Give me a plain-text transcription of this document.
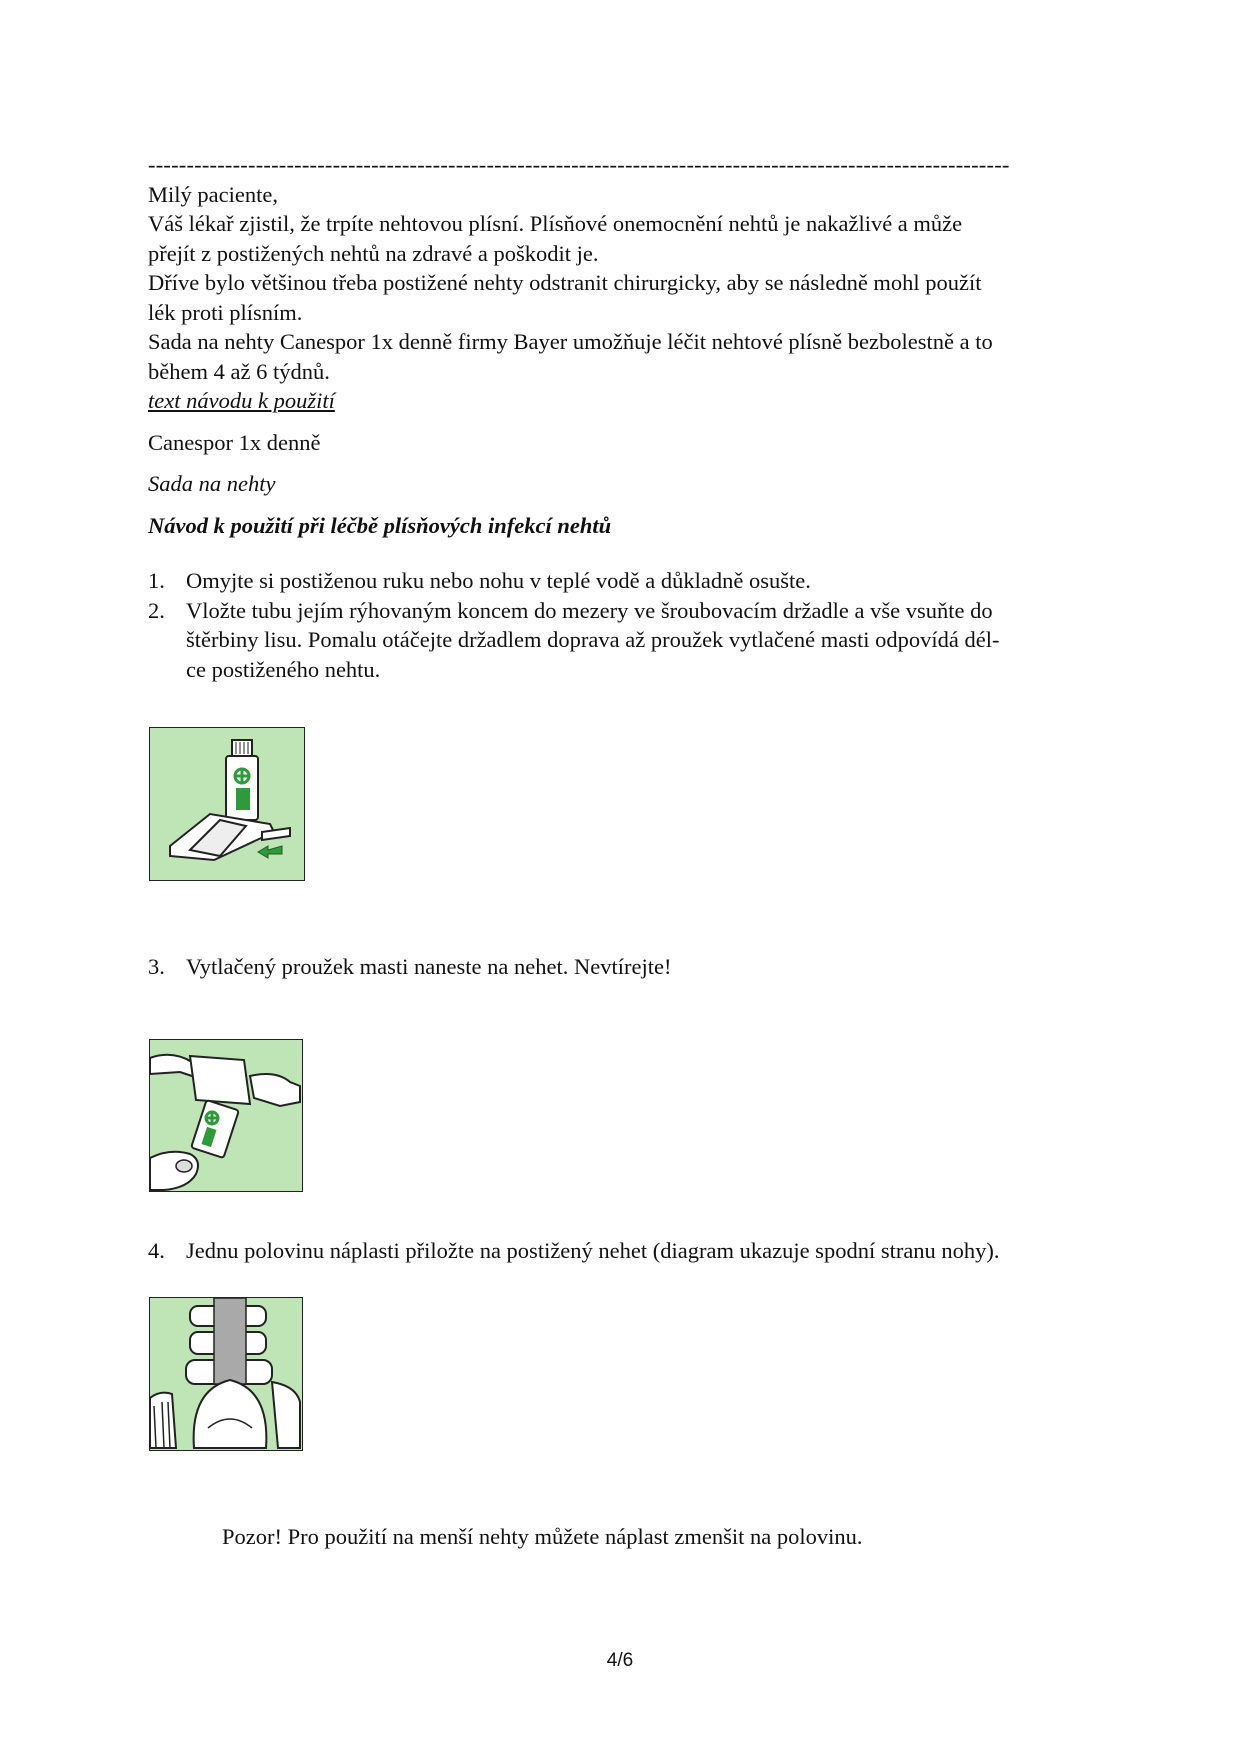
----------------------------------------------------------------------------------------------------------------

Milý paciente,

Váš lékař zjistil, že trpíte nehtovou plísní. Plísňové onemocnění nehtů je nakažlivé a může

přejít z postižených nehtů na zdravé a poškodit je.

Dříve bylo většinou třeba postižené nehty odstranit chirurgicky, aby se následně mohl použít

lék proti plísním.

Sada na nehty Canespor 1x denně firmy Bayer umožňuje léčit nehtové plísně bezbolestně a to

během 4 až 6 týdnů.

text návodu k použití

Canespor 1x denně

Sada na nehty

Návod k použití při léčbě plísňových infekcí nehtů

1. Omyjte si postiženou ruku nebo nohu v teplé vodě a důkladně osušte.
2. Vložte tubu jejím rýhovaným koncem do mezery ve šroubovacím držadle a vše vsuňte do
štěrbiny lisu. Pomalu otáčejte držadlem doprava až proužek vytlačené masti odpovídá dél-
ce postiženého nehtu.
3. Vytlačený proužek masti naneste na nehet. Nevtírejte!
4. Jednu polovinu náplasti přiložte na postižený nehet (diagram ukazuje spodní stranu nohy).

Pozor! Pro použití na menší nehty můžete náplast zmenšit na polovinu.

4/6
